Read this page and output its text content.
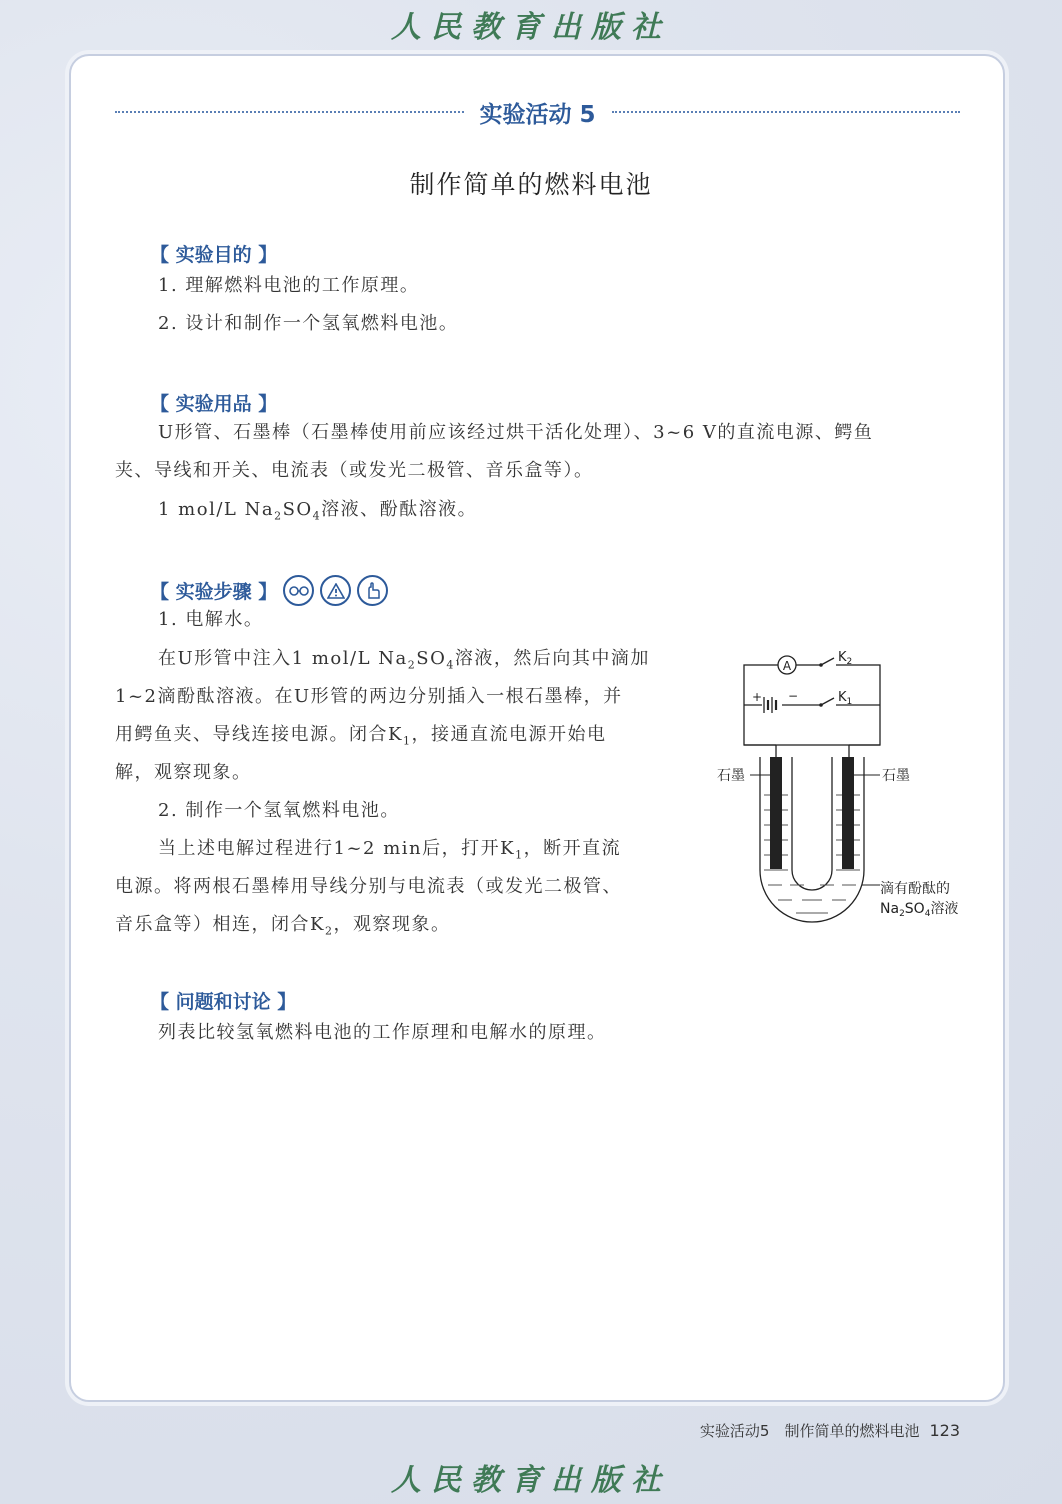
人民教育出版社
实验活动 5
制作简单的燃料电池
【 实验目的 】
1. 理解燃料电池的工作原理。
2. 设计和制作一个氢氧燃料电池。
【 实验用品 】
U形管、石墨棒（石墨棒使用前应该经过烘干活化处理）、3~6 V的直流电源、鳄鱼
夹、导线和开关、电流表（或发光二极管、音乐盒等）。
1 mol/L $Na_2SO_4$溶液、酚酞溶液。
【 实验步骤 】
1. 电解水。
在U形管中注入1 mol/L $Na_2SO_4$溶液，然后向其中滴加
1~2滴酚酞溶液。在U形管的两边分别插入一根石墨棒，并
用鳄鱼夹、导线连接电源。闭合$K_1$，接通直流电源开始电
解，观察现象。
2. 制作一个氢氧燃料电池。
当上述电解过程进行1~2 min后，打开$K_1$，断开直流
电源。将两根石墨棒用导线分别与电流表（或发光二极管、
音乐盒等）相连，闭合$K_2$，观察现象。
A
$K_2$
+ −	$K_1$
石墨	石墨
滴有酚酞的
$Na_2SO_4$溶液
【 问题和讨论 】
列表比较氢氧燃料电池的工作原理和电解水的原理。
实验活动5　制作简单的燃料电池 123
人民教育出版社
